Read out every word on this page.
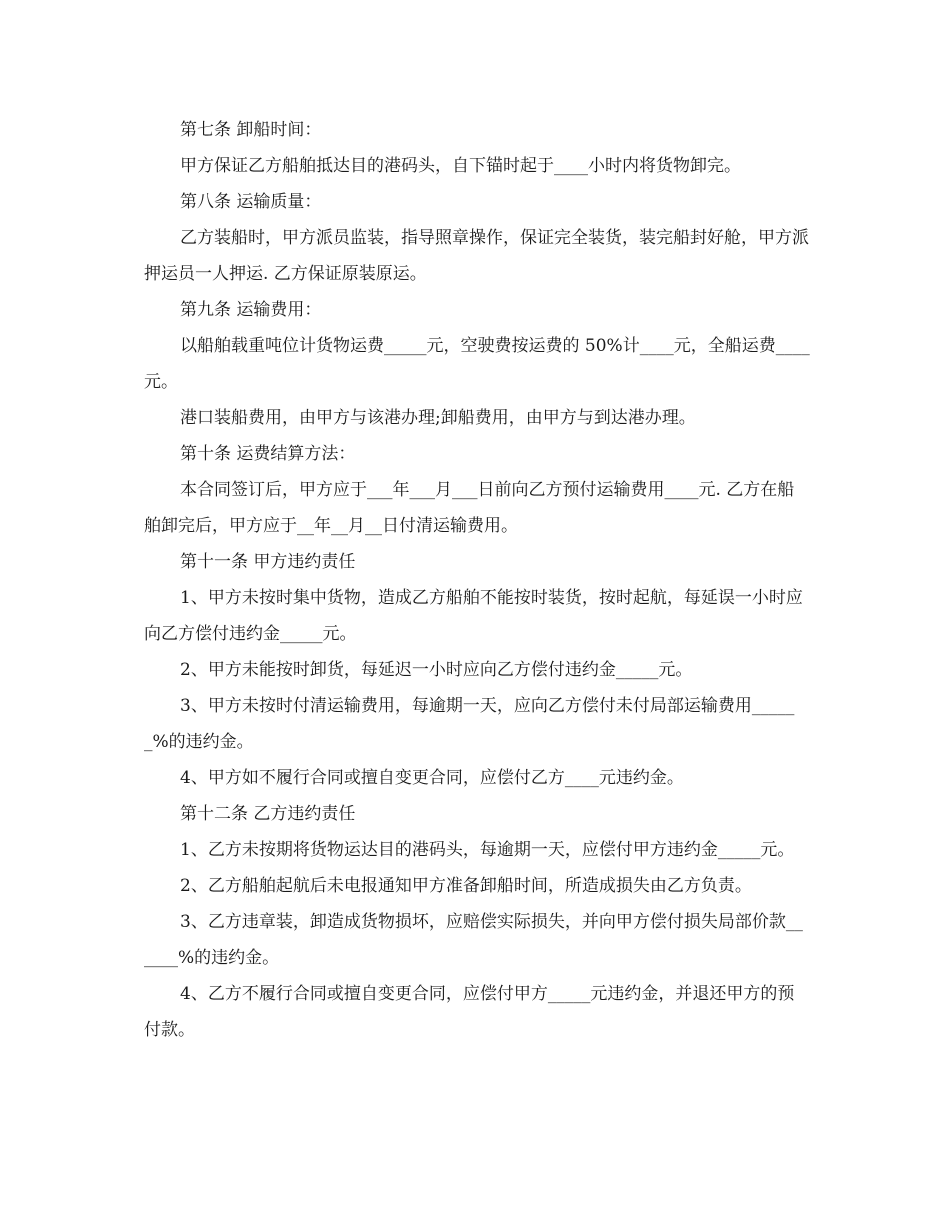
第七条 卸船时间：

甲方保证乙方船舶抵达目的港码头，自下锚时起于____小时内将货物卸完。

第八条 运输质量：

乙方装船时，甲方派员监装，指导照章操作，保证完全装货，装完船封好舱，甲方派押运员一人押运. 乙方保证原装原运。

第九条 运输费用：

以船舶载重吨位计货物运费_____元，空驶费按运费的 50%计____元，全船运费____元。

港口装船费用，由甲方与该港办理;卸船费用，由甲方与到达港办理。

第十条 运费结算方法：

本合同签订后，甲方应于___年___月___日前向乙方预付运输费用____元. 乙方在船舶卸完后，甲方应于__年__月__日付清运输费用。

第十一条 甲方违约责任

1、甲方未按时集中货物，造成乙方船舶不能按时装货，按时起航，每延误一小时应向乙方偿付违约金_____元。

2、甲方未能按时卸货，每延迟一小时应向乙方偿付违约金_____元。

3、甲方未按时付清运输费用，每逾期一天，应向乙方偿付未付局部运输费用______%的违约金。

4、甲方如不履行合同或擅自变更合同，应偿付乙方____元违约金。

第十二条 乙方违约责任

1、乙方未按期将货物运达目的港码头，每逾期一天，应偿付甲方违约金_____元。

2、乙方船舶起航后未电报通知甲方准备卸船时间，所造成损失由乙方负责。

3、乙方违章装，卸造成货物损坏，应赔偿实际损失，并向甲方偿付损失局部价款______%的违约金。

4、乙方不履行合同或擅自变更合同，应偿付甲方_____元违约金，并退还甲方的预付款。
